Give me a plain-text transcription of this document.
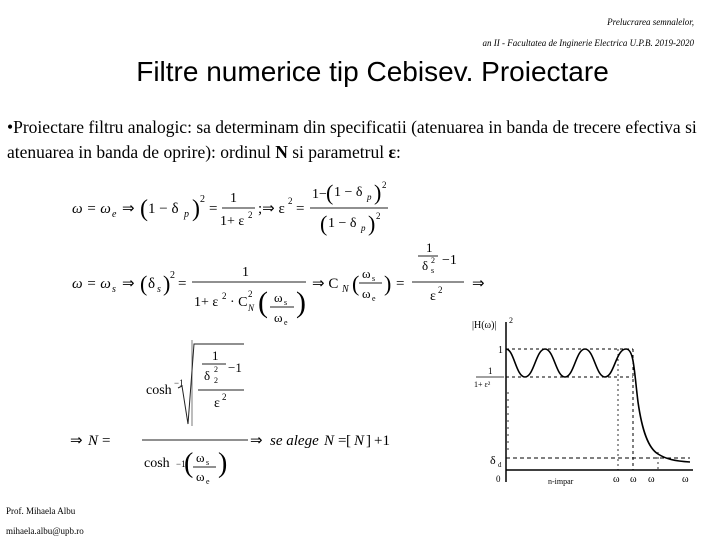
Prelucrarea semnalelor,
an II - Facultatea de Inginerie Electrica U.P.B. 2019-2020
Filtre numerice tip Cebisev. Proiectare
•Proiectare filtru analogic: sa determinam din specificatii (atenuarea in banda de trecere efectiva si atenuarea in banda de oprire): ordinul N si parametrul ε:
ω = ω e ⇒ ( 1 − δ p ) 2
=
1
1+ ε 2 ;⇒ ε 2 =
1− ( 1 − δ p ) 2
( 1 − δ p ) 2
ω = ω s ⇒ ( δ s ) 2
=
1
1+ ε 2 · C N
2 ( ω s
ω e
)
⇒ C N ( ω s
ω e
) =
1
δ s
2 −1
ε 2 ⇒
⇒ N =
cosh −1
1
δ 2
2 −1
ε 2
cosh −1
( ω s
ω e
)
⇒ se alege N = [ N ] +1
|H(ω)| 2
1
1
1+ ε²
δ d
0	n-impar	ω ω ω	ω
Prof. Mihaela Albu
mihaela.albu@upb.ro
